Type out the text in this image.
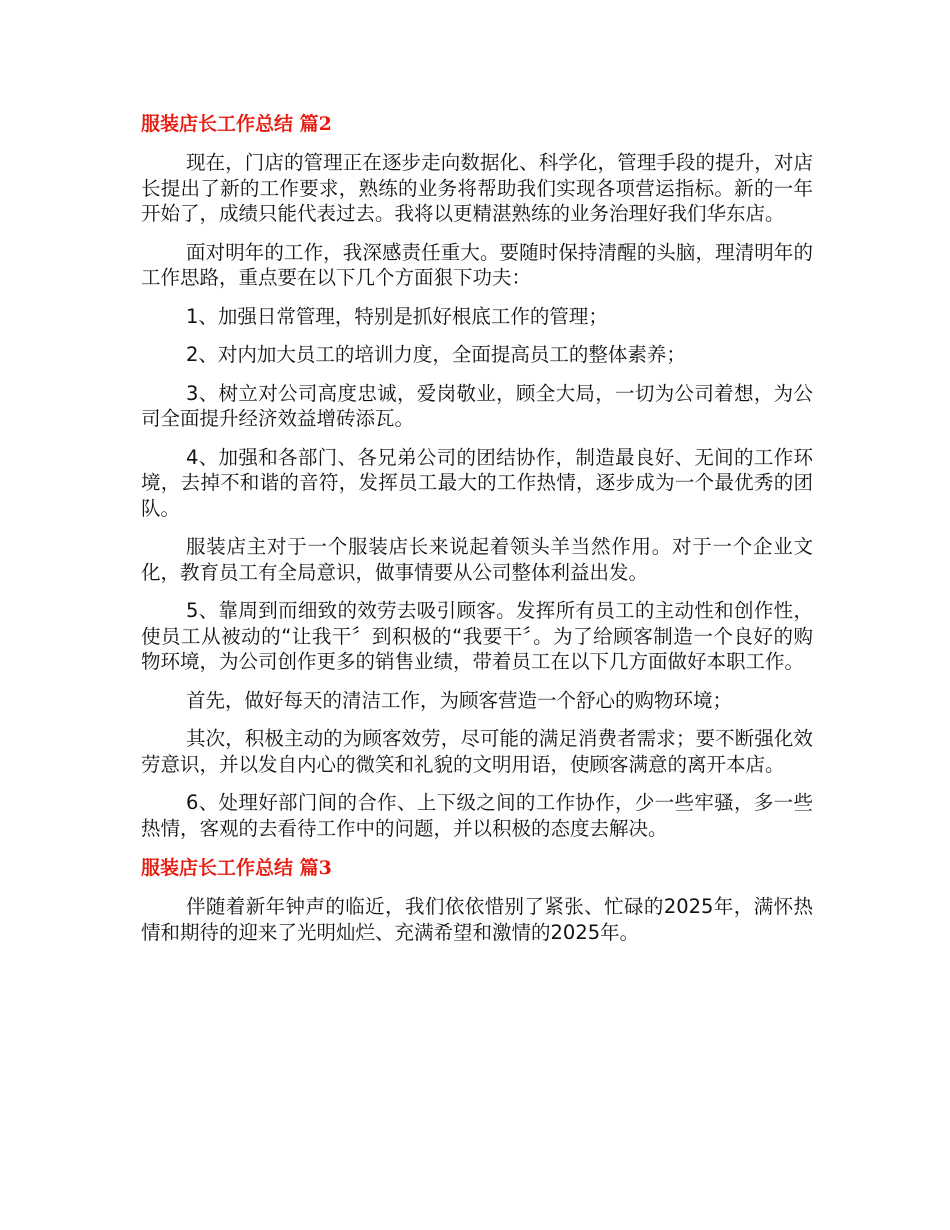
服装店长工作总结 篇2

现在，门店的管理正在逐步走向数据化、科学化，管理手段的提升，对店长提出了新的工作要求，熟练的业务将帮助我们实现各项营运指标。新的一年开始了，成绩只能代表过去。我将以更精湛熟练的业务治理好我们华东店。

面对明年的工作，我深感责任重大。要随时保持清醒的头脑，理清明年的工作思路，重点要在以下几个方面狠下功夫：

1、加强日常管理，特别是抓好根底工作的管理；

2、对内加大员工的培训力度，全面提高员工的整体素养；

3、树立对公司高度忠诚，爱岗敬业，顾全大局，一切为公司着想，为公司全面提升经济效益增砖添瓦。

4、加强和各部门、各兄弟公司的团结协作，制造最良好、无间的工作环境，去掉不和谐的音符，发挥员工最大的工作热情，逐步成为一个最优秀的团队。

服装店主对于一个服装店长来说起着领头羊当然作用。对于一个企业文化，教育员工有全局意识，做事情要从公司整体利益出发。

5、靠周到而细致的效劳去吸引顾客。发挥所有员工的主动性和创作性，使员工从被动的“让我干〞到积极的“我要干〞。为了给顾客制造一个良好的购物环境，为公司创作更多的销售业绩，带着员工在以下几方面做好本职工作。

首先，做好每天的清洁工作，为顾客营造一个舒心的购物环境；

其次，积极主动的为顾客效劳，尽可能的满足消费者需求；要不断强化效劳意识，并以发自内心的微笑和礼貌的文明用语，使顾客满意的离开本店。

6、处理好部门间的合作、上下级之间的工作协作，少一些牢骚，多一些热情，客观的去看待工作中的问题，并以积极的态度去解决。

服装店长工作总结 篇3

伴随着新年钟声的临近，我们依依惜别了紧张、忙碌的2025年，满怀热情和期待的迎来了光明灿烂、充满希望和激情的2025年。
